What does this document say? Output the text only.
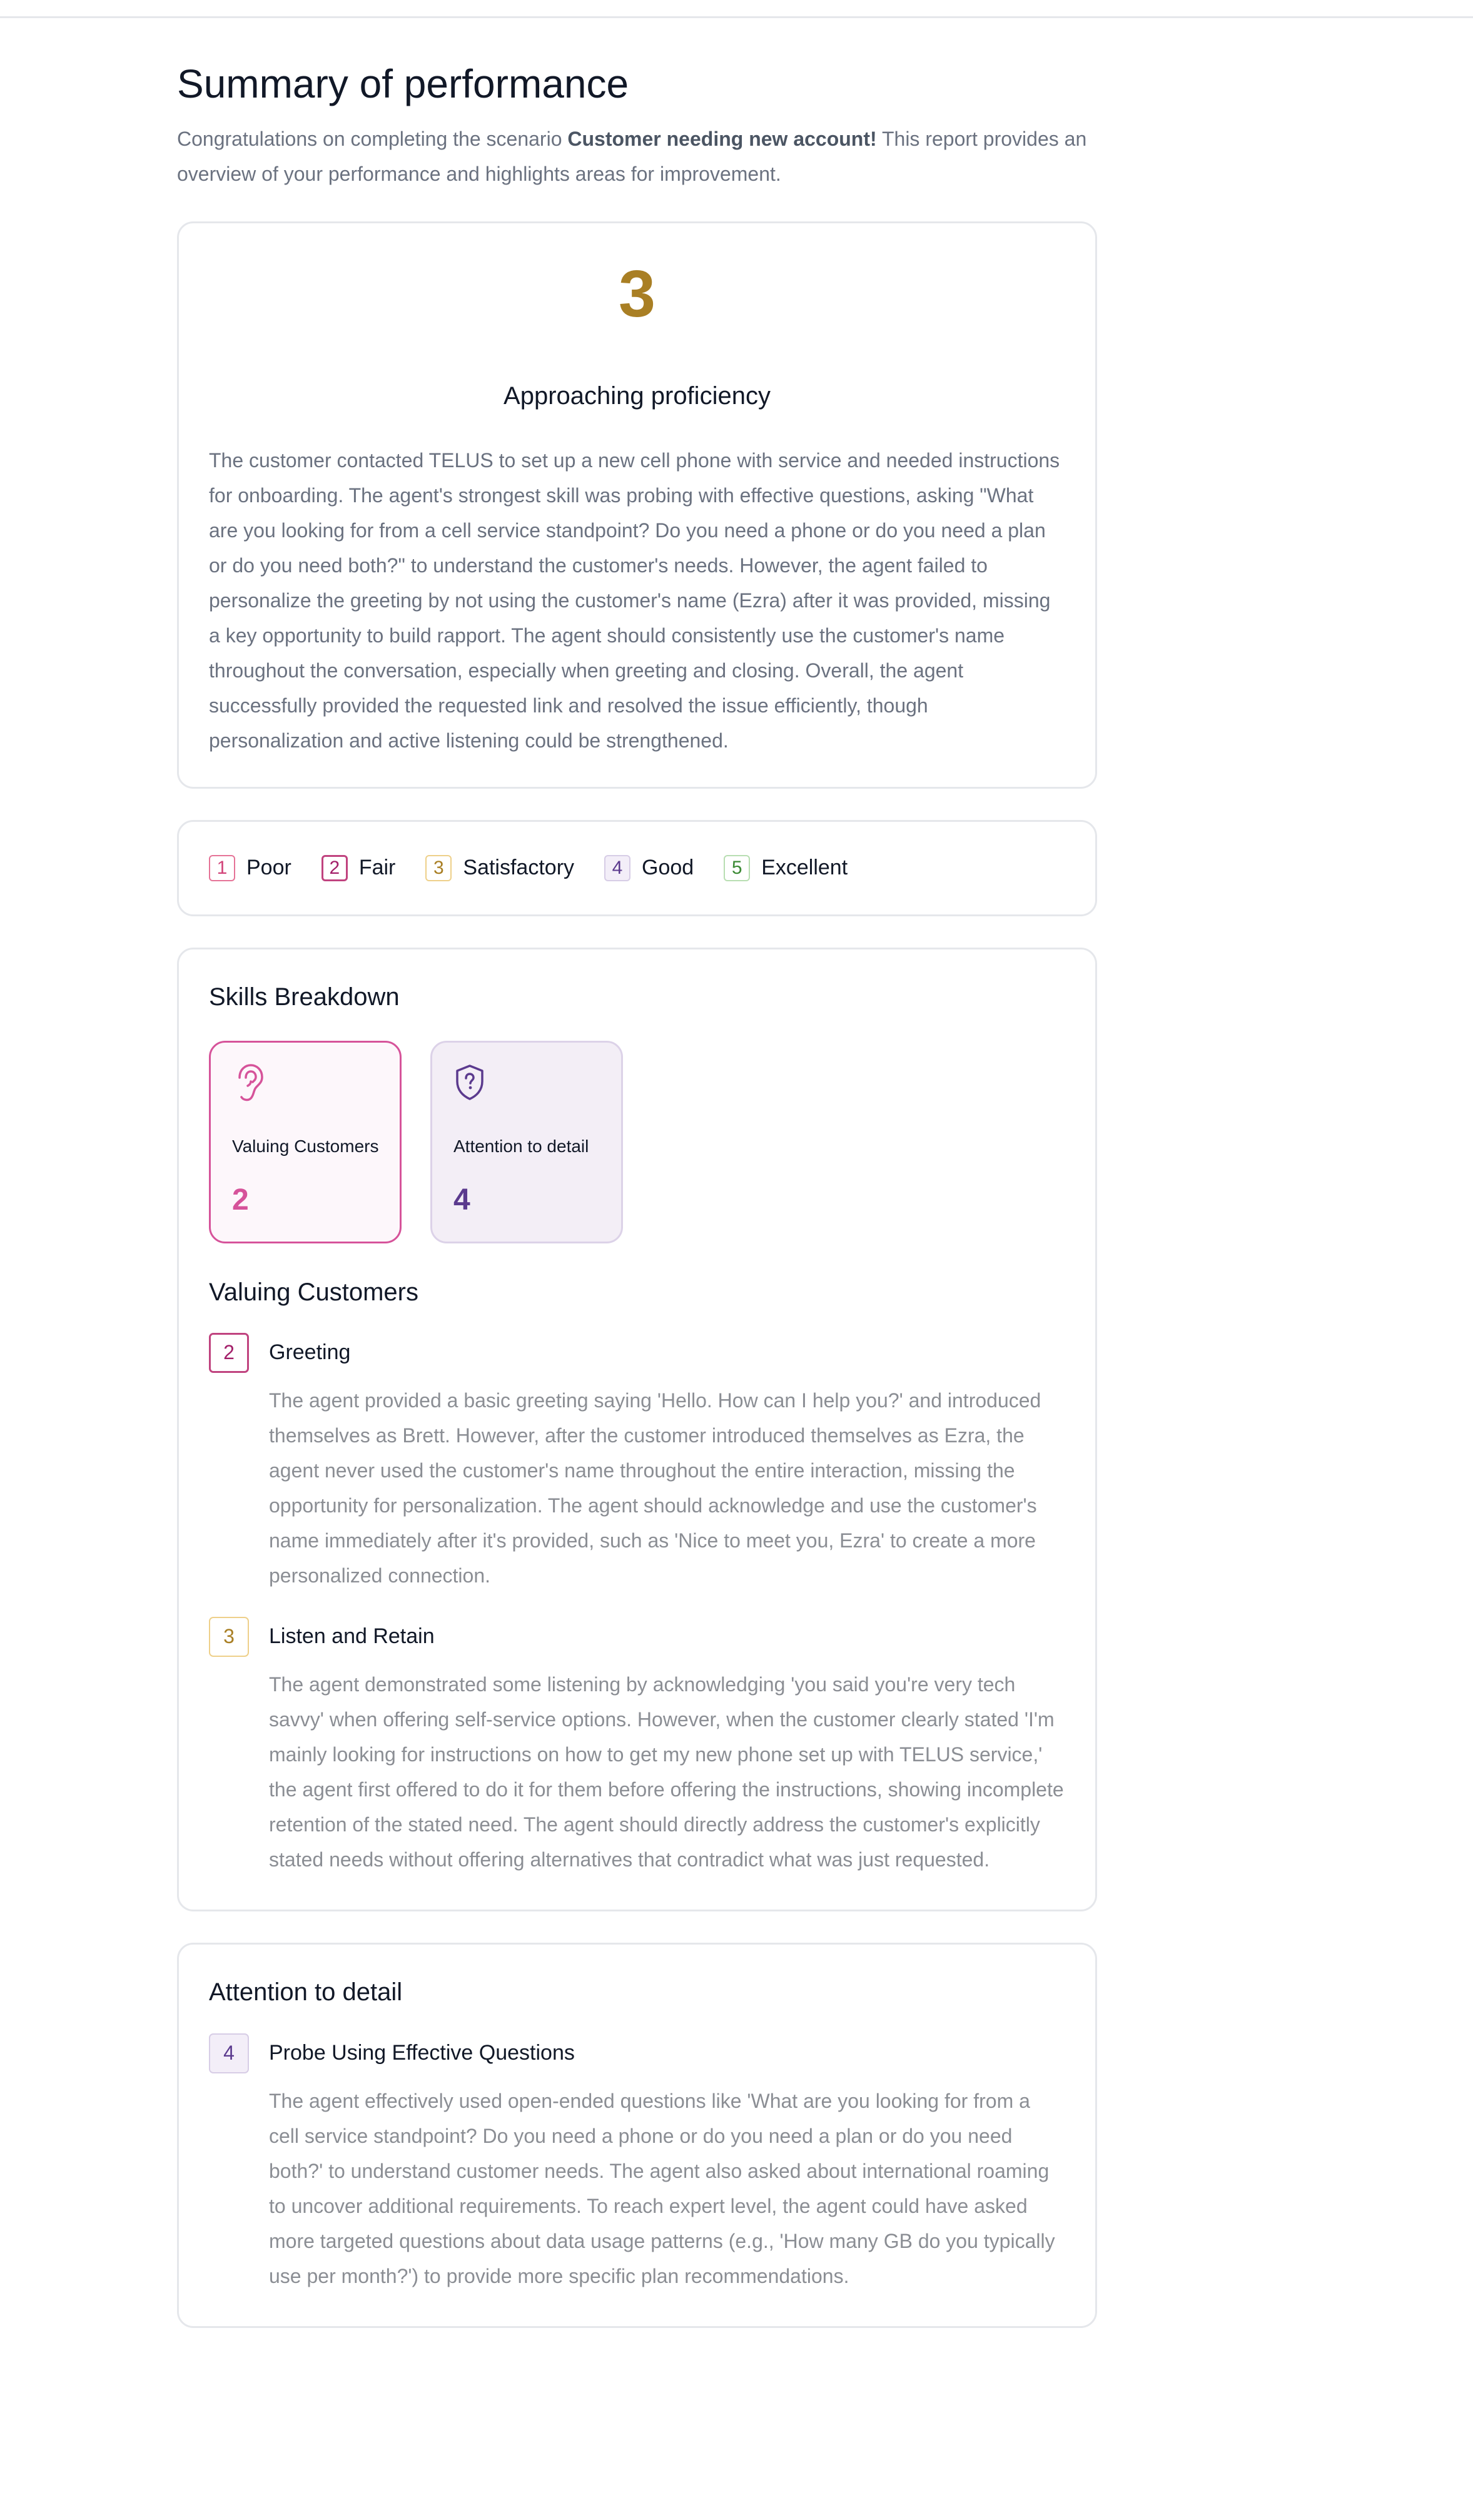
Summary of performance
Congratulations on completing the scenario Customer needing new account! This report provides an overview of your performance and highlights areas for improvement.
3
Approaching proficiency
The customer contacted TELUS to set up a new cell phone with service and needed instructions for onboarding. The agent's strongest skill was probing with effective questions, asking "What are you looking for from a cell service standpoint? Do you need a phone or do you need a plan or do you need both?" to understand the customer's needs. However, the agent failed to personalize the greeting by not using the customer's name (Ezra) after it was provided, missing a key opportunity to build rapport. The agent should consistently use the customer's name throughout the conversation, especially when greeting and closing. Overall, the agent successfully provided the requested link and resolved the issue efficiently, though personalization and active listening could be strengthened.
1 Poor	2 Fair	3 Satisfactory	4 Good	5 Excellent
Skills Breakdown
Valuing Customers
2
Attention to detail
4
Valuing Customers
2	Greeting
The agent provided a basic greeting saying 'Hello. How can I help you?' and introduced themselves as Brett. However, after the customer introduced themselves as Ezra, the agent never used the customer's name throughout the entire interaction, missing the opportunity for personalization. The agent should acknowledge and use the customer's name immediately after it's provided, such as 'Nice to meet you, Ezra' to create a more personalized connection.
3	Listen and Retain
The agent demonstrated some listening by acknowledging 'you said you're very tech savvy' when offering self-service options. However, when the customer clearly stated 'I'm mainly looking for instructions on how to get my new phone set up with TELUS service,' the agent first offered to do it for them before offering the instructions, showing incomplete retention of the stated need. The agent should directly address the customer's explicitly stated needs without offering alternatives that contradict what was just requested.
Attention to detail
4	Probe Using Effective Questions
The agent effectively used open-ended questions like 'What are you looking for from a cell service standpoint? Do you need a phone or do you need a plan or do you need both?' to understand customer needs. The agent also asked about international roaming to uncover additional requirements. To reach expert level, the agent could have asked more targeted questions about data usage patterns (e.g., 'How many GB do you typically use per month?') to provide more specific plan recommendations.
